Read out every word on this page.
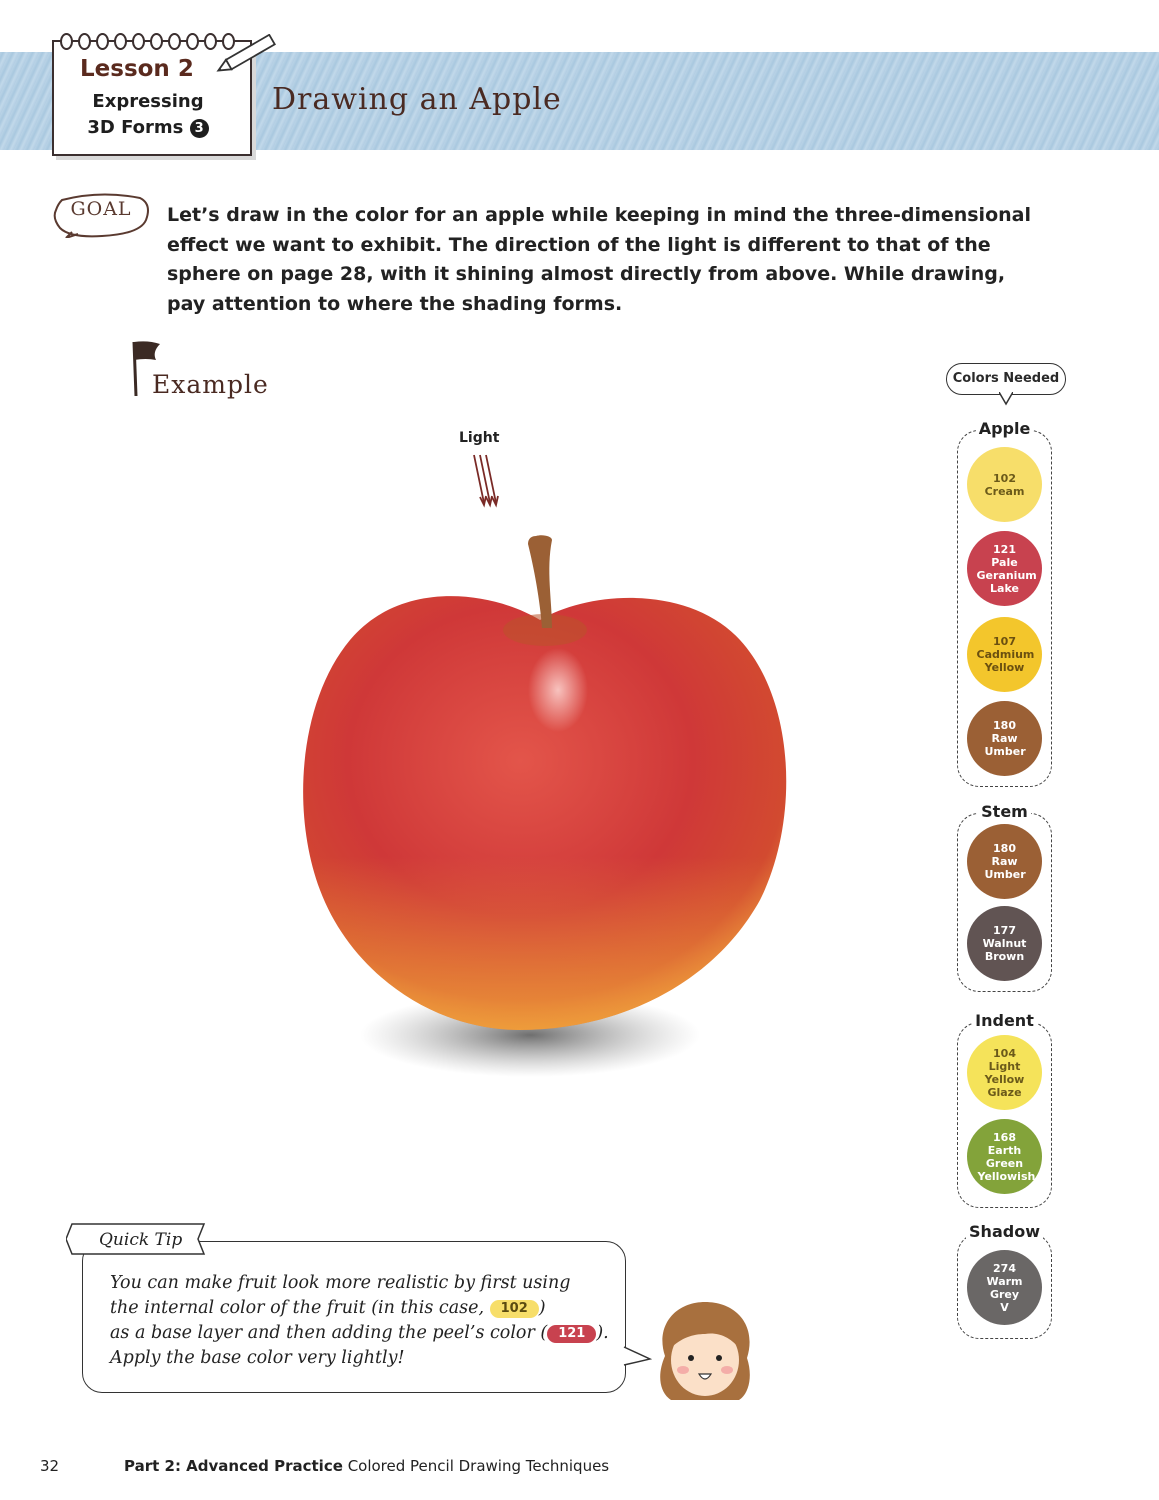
Lesson 2
Expressing
3D Forms 3
Drawing an Apple
GOAL	Let’s draw in the color for an apple while keeping in mind the three-dimensional effect we want to exhibit. The direction of the light is different to that of the sphere on page 28, with it shining almost directly from above. While drawing, pay attention to where the shading forms.
Example
Light
Colors Needed
Apple
102
Cream
121
Pale Geranium Lake
107
Cadmium Yellow
180
Raw Umber
Stem
180
Raw Umber
177
Walnut Brown
Indent
104
Light Yellow Glaze
168
Earth Green Yellowish
Shadow
274
Warm Grey V
Quick Tip
You can make fruit look more realistic by first using
the internal color of the fruit (in this case, 102 )
as a base layer and then adding the peel’s color ( 121 ).
Apply the base color very lightly!
32	Part 2: Advanced Practice Colored Pencil Drawing Techniques
